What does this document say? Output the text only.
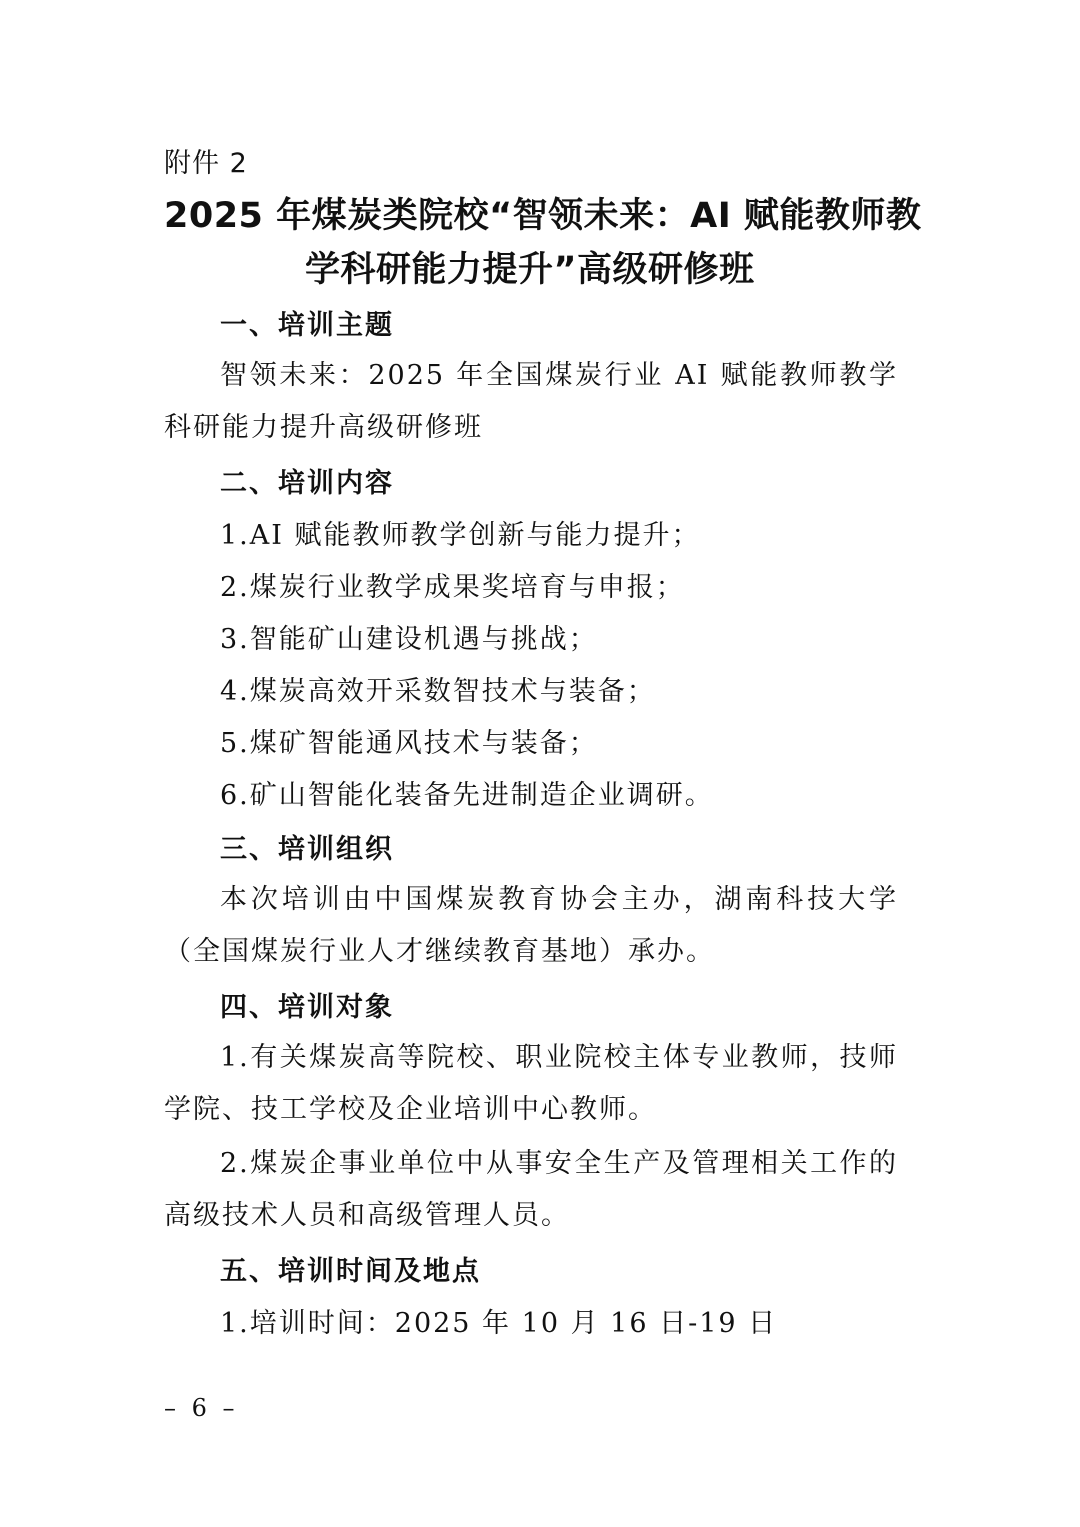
附件 2
2025 年煤炭类院校“智领未来：AI 赋能教师教
学科研能力提升”高级研修班
一、培训主题
智领未来：2025 年全国煤炭行业 AI 赋能教师教学科研能力提升高级研修班
二、培训内容
1.AI 赋能教师教学创新与能力提升；
2.煤炭行业教学成果奖培育与申报；
3.智能矿山建设机遇与挑战；
4.煤炭高效开采数智技术与装备；
5.煤矿智能通风技术与装备；
6.矿山智能化装备先进制造企业调研。
三、培训组织
本次培训由中国煤炭教育协会主办，湖南科技大学（全国煤炭行业人才继续教育基地）承办。
四、培训对象
1.有关煤炭高等院校、职业院校主体专业教师，技师学院、技工学校及企业培训中心教师。
2.煤炭企事业单位中从事安全生产及管理相关工作的高级技术人员和高级管理人员。
五、培训时间及地点
1.培训时间：2025 年 10 月 16 日-19 日
– 6 –
